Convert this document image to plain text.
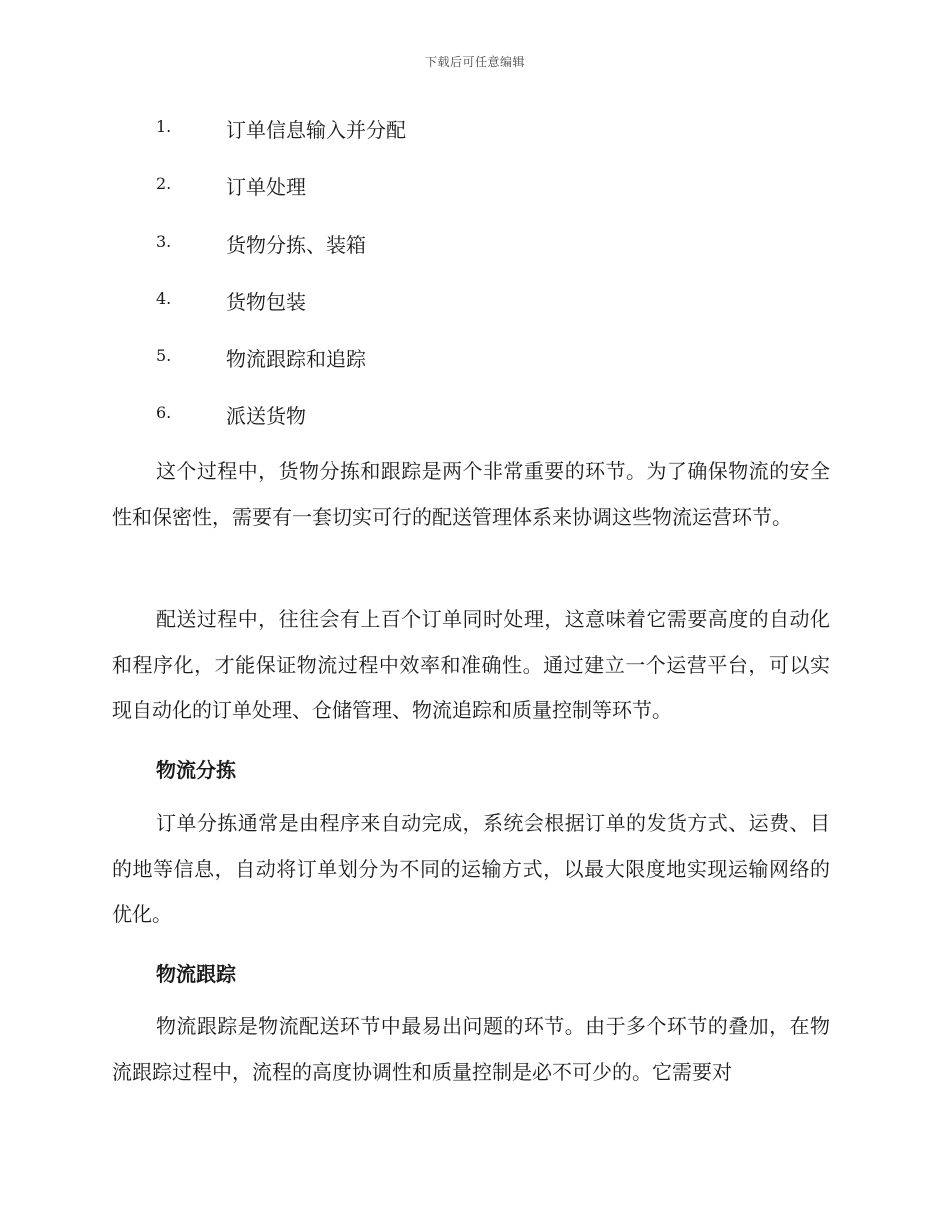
下载后可任意编辑
1.	订单信息输入并分配
2.	订单处理
3.	货物分拣、装箱
4.	货物包装
5.	物流跟踪和追踪
6.	派送货物

这个过程中，货物分拣和跟踪是两个非常重要的环节。为了确保物流的安全性和保密性，需要有一套切实可行的配送管理体系来协调这些物流运营环节。

配送过程中，往往会有上百个订单同时处理，这意味着它需要高度的自动化和程序化，才能保证物流过程中效率和准确性。通过建立一个运营平台，可以实现自动化的订单处理、仓储管理、物流追踪和质量控制等环节。

物流分拣

订单分拣通常是由程序来自动完成，系统会根据订单的发货方式、运费、目的地等信息，自动将订单划分为不同的运输方式，以最大限度地实现运输网络的优化。

物流跟踪

物流跟踪是物流配送环节中最易出问题的环节。由于多个环节的叠加，在物流跟踪过程中，流程的高度协调性和质量控制是必不可少的。它需要对
